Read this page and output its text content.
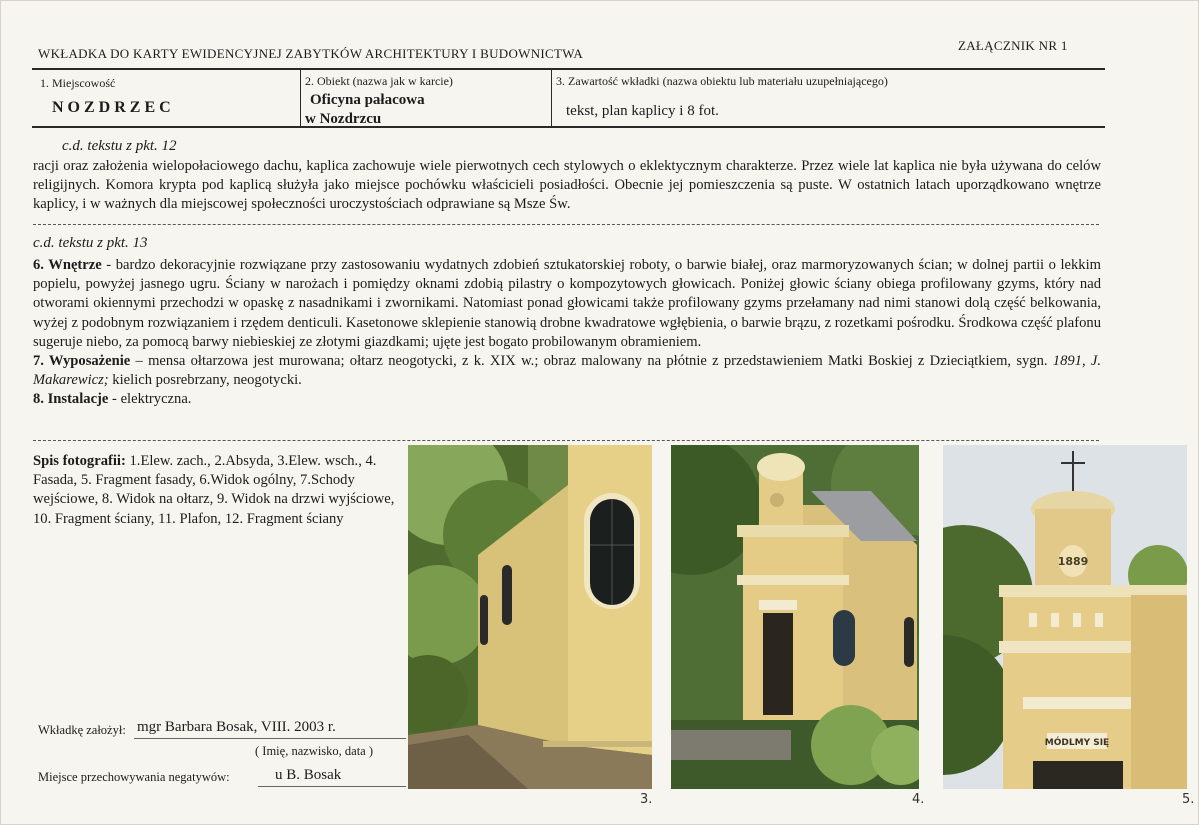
WKŁADKA DO KARTY EWIDENCYJNEJ ZABYTKÓW ARCHITEKTURY I BUDOWNICTWA
ZAŁĄCZNIK NR 1
1. Miejscowość
N O Z D R Z E C
2. Obiekt (nazwa jak w karcie)
Oficyna pałacowa
w Nozdrzcu
3. Zawartość wkładki (nazwa obiektu lub materiału uzupełniającego)
tekst, plan kaplicy i 8 fot.
c.d. tekstu z pkt. 12

racji oraz założenia wielopołaciowego dachu, kaplica zachowuje wiele pierwotnych cech stylowych o eklektycznym charakterze. Przez wiele lat kaplica nie była używana do celów religijnych. Komora krypta pod kaplicą służyła jako miejsce pochówku właścicieli posiadłości. Obecnie jej pomieszczenia są puste. W ostatnich latach uporządkowano wnętrze kaplicy, i w ważnych dla miejscowej społeczności uroczystościach odprawiane są Msze Św.

c.d. tekstu z pkt. 13

6. Wnętrze - bardzo dekoracyjnie rozwiązane przy zastosowaniu wydatnych zdobień sztukatorskiej roboty, o barwie białej, oraz marmoryzowanych ścian; w dolnej partii o lekkim popielu, powyżej jasnego ugru. Ściany w narożach i pomiędzy oknami zdobią pilastry o kompozytowych głowicach. Poniżej głowic ściany obiega profilowany gzyms, który nad otworami okiennymi przechodzi w opaskę z nasadnikami i zwornikami. Natomiast ponad głowicami także profilowany gzyms przełamany nad nimi stanowi dolą część belkowania, wyżej z podobnym rozwiązaniem i rzędem denticuli. Kasetonowe sklepienie stanowią drobne kwadratowe wgłębienia, o barwie brązu, z rozetkami pośrodku. Środkowa część plafonu sugeruje niebo, za pomocą barwy niebieskiej ze złotymi giazdkami; ujęte jest bogato probilowanym obramieniem.

7. Wyposażenie – mensa ołtarzowa jest murowana; ołtarz neogotycki, z k. XIX w.; obraz malowany na płótnie z przedstawieniem Matki Boskiej z Dzieciątkiem, sygn. 1891, J. Makarewicz; kielich posrebrzany, neogotycki.

8. Instalacje - elektryczna.

Spis fotografii: 1.Elew. zach., 2.Absyda, 3.Elew. wsch., 4. Fasada, 5. Fragment fasady, 6.Widok ogólny, 7.Schody wejściowe, 8. Widok na ołtarz, 9. Widok na drzwi wyjściowe, 10. Fragment ściany, 11. Plafon, 12. Fragment ściany

Wkładkę założył: mgr Barbara Bosak, VIII. 2003 r.
( Imię, nazwisko, data )
Miejsce przechowywania negatywów:	u B. Bosak
3.	4.
1889
MÓDLMY SIĘ
5.
